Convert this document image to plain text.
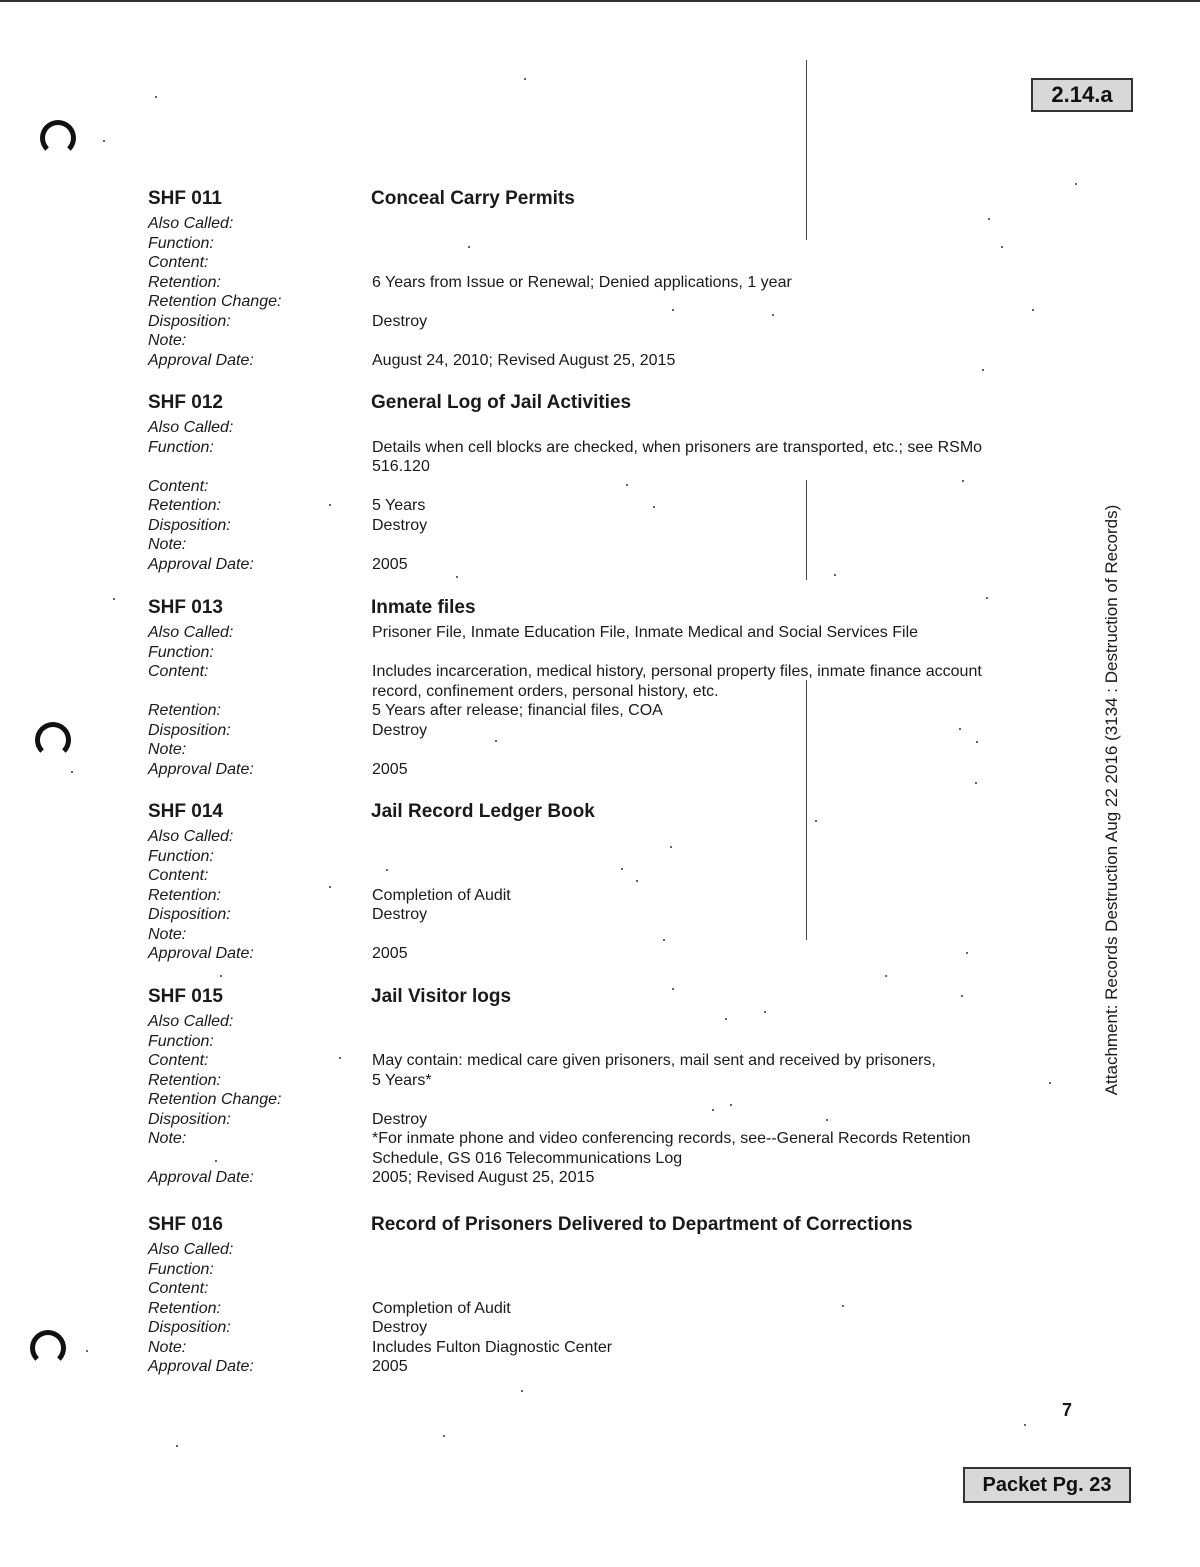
2.14.a
Packet Pg. 23
7
Attachment: Records Destruction Aug 22 2016 (3134 : Destruction of Records)
SHF 011	Conceal Carry Permits
Also Called:
Function:
Content:
Retention:	6 Years from Issue or Renewal; Denied applications, 1 year
Retention Change:
Disposition:	Destroy
Note:
Approval Date:	August 24, 2010; Revised August 25, 2015
SHF 012	General Log of Jail Activities
Also Called:
Function:	Details when cell blocks are checked, when prisoners are transported, etc.; see RSMo 516.120
Content:
Retention:	5 Years
Disposition:	Destroy
Note:
Approval Date:	2005
SHF 013	Inmate files
Also Called:	Prisoner File, Inmate Education File, Inmate Medical and Social Services File
Function:
Content:	Includes incarceration, medical history, personal property files, inmate finance account record, confinement orders, personal history, etc.
Retention:	5 Years after release; financial files, COA
Disposition:	Destroy
Note:
Approval Date:	2005
SHF 014	Jail Record Ledger Book
Also Called:
Function:
Content:
Retention:	Completion of Audit
Disposition:	Destroy
Note:
Approval Date:	2005
SHF 015	Jail Visitor logs
Also Called:
Function:
Content:	May contain: medical care given prisoners, mail sent and received by prisoners,
Retention:	5 Years*
Retention Change:
Disposition:	Destroy
Note:	*For inmate phone and video conferencing records, see--General Records Retention Schedule, GS 016 Telecommunications Log
Approval Date:	2005; Revised August 25, 2015
SHF 016	Record of Prisoners Delivered to Department of Corrections
Also Called:
Function:
Content:
Retention:	Completion of Audit
Disposition:	Destroy
Note:	Includes Fulton Diagnostic Center
Approval Date:	2005
